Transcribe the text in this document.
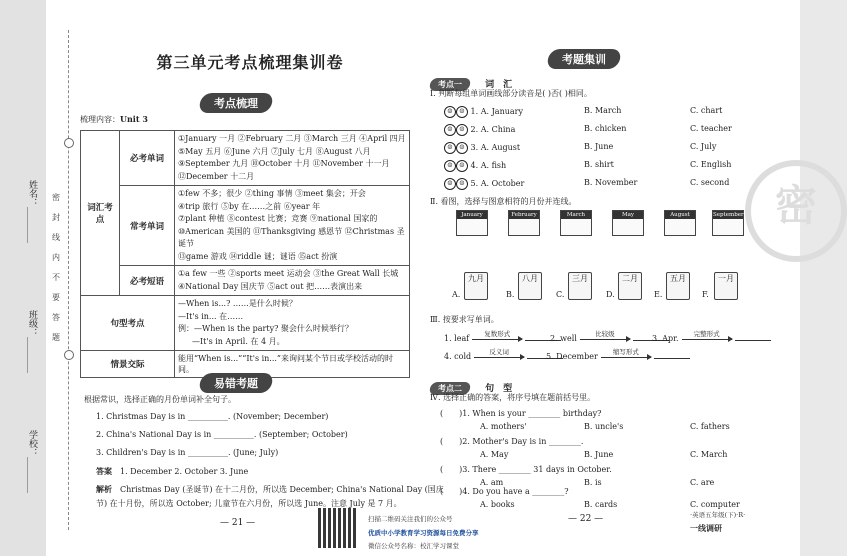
姓名：________
班级：________
学校：________
密
封
线
内
不
要
答
题
第三单元考点梳理集训卷
考点梳理
梳理内容：Unit 3
词汇考点	必考单词	①January 一月 ②February 二月 ③March 三月 ④April 四月
⑤May 五月 ⑥June 六月 ⑦July 七月 ⑧August 八月
⑨September 九月 ⑩October 十月 ⑪November 十一月
⑫December 十二月

	常考单词	①few 不多；很少 ②thing 事情 ③meet 集会；开会
④trip 旅行 ⑤by 在……之前 ⑥year 年
⑦plant 种植 ⑧contest 比赛；竞赛 ⑨national 国家的
⑩American 美国的 ⑪Thanksgiving 感恩节 ⑫Christmas 圣诞节
⑬game 游戏 ⑭riddle 谜；谜语 ⑮act 扮演

	必考短语	①a few 一些 ②sports meet 运动会 ③the Great Wall 长城
④National Day 国庆节 ⑤act out 把……表演出来

句型考点		—When is...? ……是什么时候？
—It's in... 在……
例：—When is the party? 聚会什么时候举行？
—It's in April. 在 4 月。

情景交际		能用“When is...”“It's in...”来询问某个节日或学校活动的时间。
易错考题
根据常识，选择正确的月份单词补全句子。
1. Christmas Day is in __________. (November; December)
2. China's National Day is in __________. (September; October)
3. Children's Day is in __________. (June; July)
答案　 1. December 2. October 3. June
解析　 Christmas Day (圣诞节) 在十二月份，所以选 December; China's National Day (国庆
节) 在十月份，所以选 October; 儿童节在六月份，所以选 June。注意 July 是 7 月。
— 21 —	— 22 —
扫描二维码关注我们的公众号
优质中小学教育学习资源每日免费分享
微信公众号名称：校汇学习课堂
·英语五年级(下)·R·
一线调研
密
考题集训
考点一	词　汇
Ⅰ. 判断每组单词画线部分读音是( )否( )相同。
☺ ☹ 1. A. January	B. March	C. chart
☺ ☹ 2. A. China	B. chicken	C. teacher
☺ ☹ 3. A. August	B. June	C. July
☺ ☹ 4. A. fish	B. shirt	C. English
☺ ☹ 5. A. October	B. November	C. second
Ⅱ. 看图，选择与图意相符的月份并连线。
January	February	March	May	August	September
A.
九月
B.
八月
C.
三月
D.
二月
E.
五月
F.
一月
Ⅲ. 按要求写单词。
1. leaf
复数形式
2. well
比较级
3. Apr.
完整形式
4. cold
反义词
5. December
缩写形式
考点二	句　型
Ⅳ. 选择正确的答案，将序号填在题前括号里。
(　　)1. When is your ________ birthday?
A. mothers'	B. uncle's	C. fathers
(　　)2. Mother's Day is in ________.
A. May	B. June	C. March
(　　)3. There ________ 31 days in October.
A. am	B. is	C. are
(　　)4. Do you have a ________?
A. books	B. cards	C. computer
